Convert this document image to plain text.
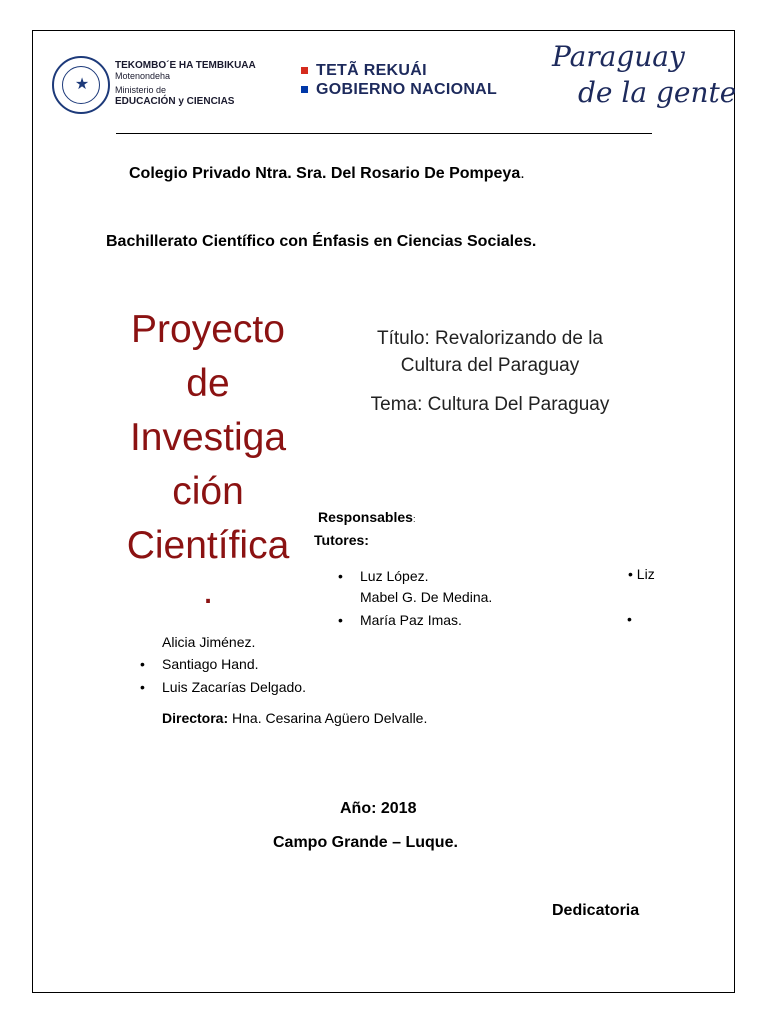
★
TEKOMBO´E HA TEMBIKUAA
Motenondeha
Ministerio de
EDUCACIÓN y CIENCIAS
TETÃ REKUÁI
GOBIERNO NACIONAL
Paraguay
de la gente
Colegio Privado Ntra. Sra. Del Rosario De Pompeya.
Bachillerato Científico con Énfasis en Ciencias Sociales.
Proyecto
de
Investiga
ción
Científica
.
Título: Revalorizando de la
Cultura del Paraguay
Tema: Cultura Del Paraguay
Responsables:
Tutores:
• Luz López.	• Liz
Mabel G. De Medina.
• María Paz Imas.	•
Alicia Jiménez.
• Santiago Hand.
• Luis Zacarías Delgado.
Directora: Hna. Cesarina Agüero Delvalle.
Año: 2018
Campo Grande – Luque.
Dedicatoria
